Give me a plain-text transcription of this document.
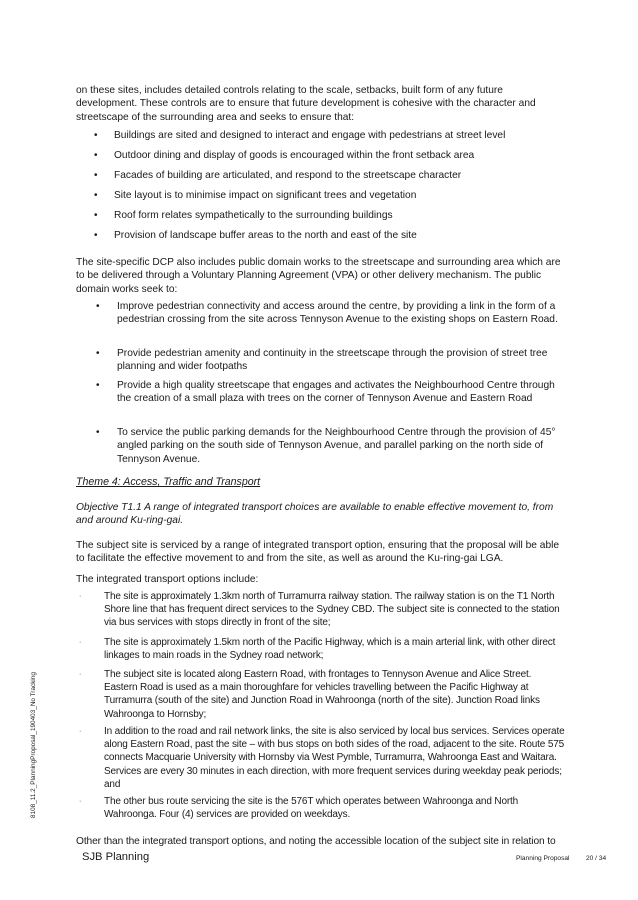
on these sites, includes detailed controls relating to the scale, setbacks, built form of any future development. These controls are to ensure that future development is cohesive with the character and streetscape of the surrounding area and seeks to ensure that:

• Buildings are sited and designed to interact and engage with pedestrians at street level

• Outdoor dining and display of goods is encouraged within the front setback area

• Facades of building are articulated, and respond to the streetscape character

• Site layout is to minimise impact on significant trees and vegetation

• Roof form relates sympathetically to the surrounding buildings

• Provision of landscape buffer areas to the north and east of the site

The site-specific DCP also includes public domain works to the streetscape and surrounding area which are to be delivered through a Voluntary Planning Agreement (VPA) or other delivery mechanism. The public domain works seek to:

• Improve pedestrian connectivity and access around the centre, by providing a link in the form of a pedestrian crossing from the site across Tennyson Avenue to the existing shops on Eastern Road.

• Provide pedestrian amenity and continuity in the streetscape through the provision of street tree planning and wider footpaths

• Provide a high quality streetscape that engages and activates the Neighbourhood Centre through the creation of a small plaza with trees on the corner of Tennyson Avenue and Eastern Road

• To service the public parking demands for the Neighbourhood Centre through the provision of 45° angled parking on the south side of Tennyson Avenue, and parallel parking on the north side of Tennyson Avenue.

Theme 4: Access, Traffic and Transport

Objective T1.1 A range of integrated transport choices are available to enable effective movement to, from and around Ku-ring-gai.

The subject site is serviced by a range of integrated transport option, ensuring that the proposal will be able to facilitate the effective movement to and from the site, as well as around the Ku-ring-gai LGA.

The integrated transport options include:

· The site is approximately 1.3km north of Turramurra railway station. The railway station is on the T1 North Shore line that has frequent direct services to the Sydney CBD. The subject site is connected to the station via bus services with stops directly in front of the site;

· The site is approximately 1.5km north of the Pacific Highway, which is a main arterial link, with other direct linkages to main roads in the Sydney road network;

· The subject site is located along Eastern Road, with frontages to Tennyson Avenue and Alice Street. Eastern Road is used as a main thoroughfare for vehicles travelling between the Pacific Highway at Turramurra (south of the site) and Junction Road in Wahroonga (north of the site). Junction Road links Wahroonga to Hornsby;

· In addition to the road and rail network links, the site is also serviced by local bus services. Services operate along Eastern Road, past the site – with bus stops on both sides of the road, adjacent to the site. Route 575 connects Macquarie University with Hornsby via West Pymble, Turramurra, Wahroonga East and Waitara. Services are every 30 minutes in each direction, with more frequent services during weekday peak periods; and

· The other bus route servicing the site is the 576T which operates between Wahroonga and North Wahroonga. Four (4) services are provided on weekdays.

Other than the integrated transport options, and noting the accessible location of the subject site in relation to

8108_11.2_PlanningProposal_190403_No Tracking
SJB Planning	Planning Proposal 20 / 34
